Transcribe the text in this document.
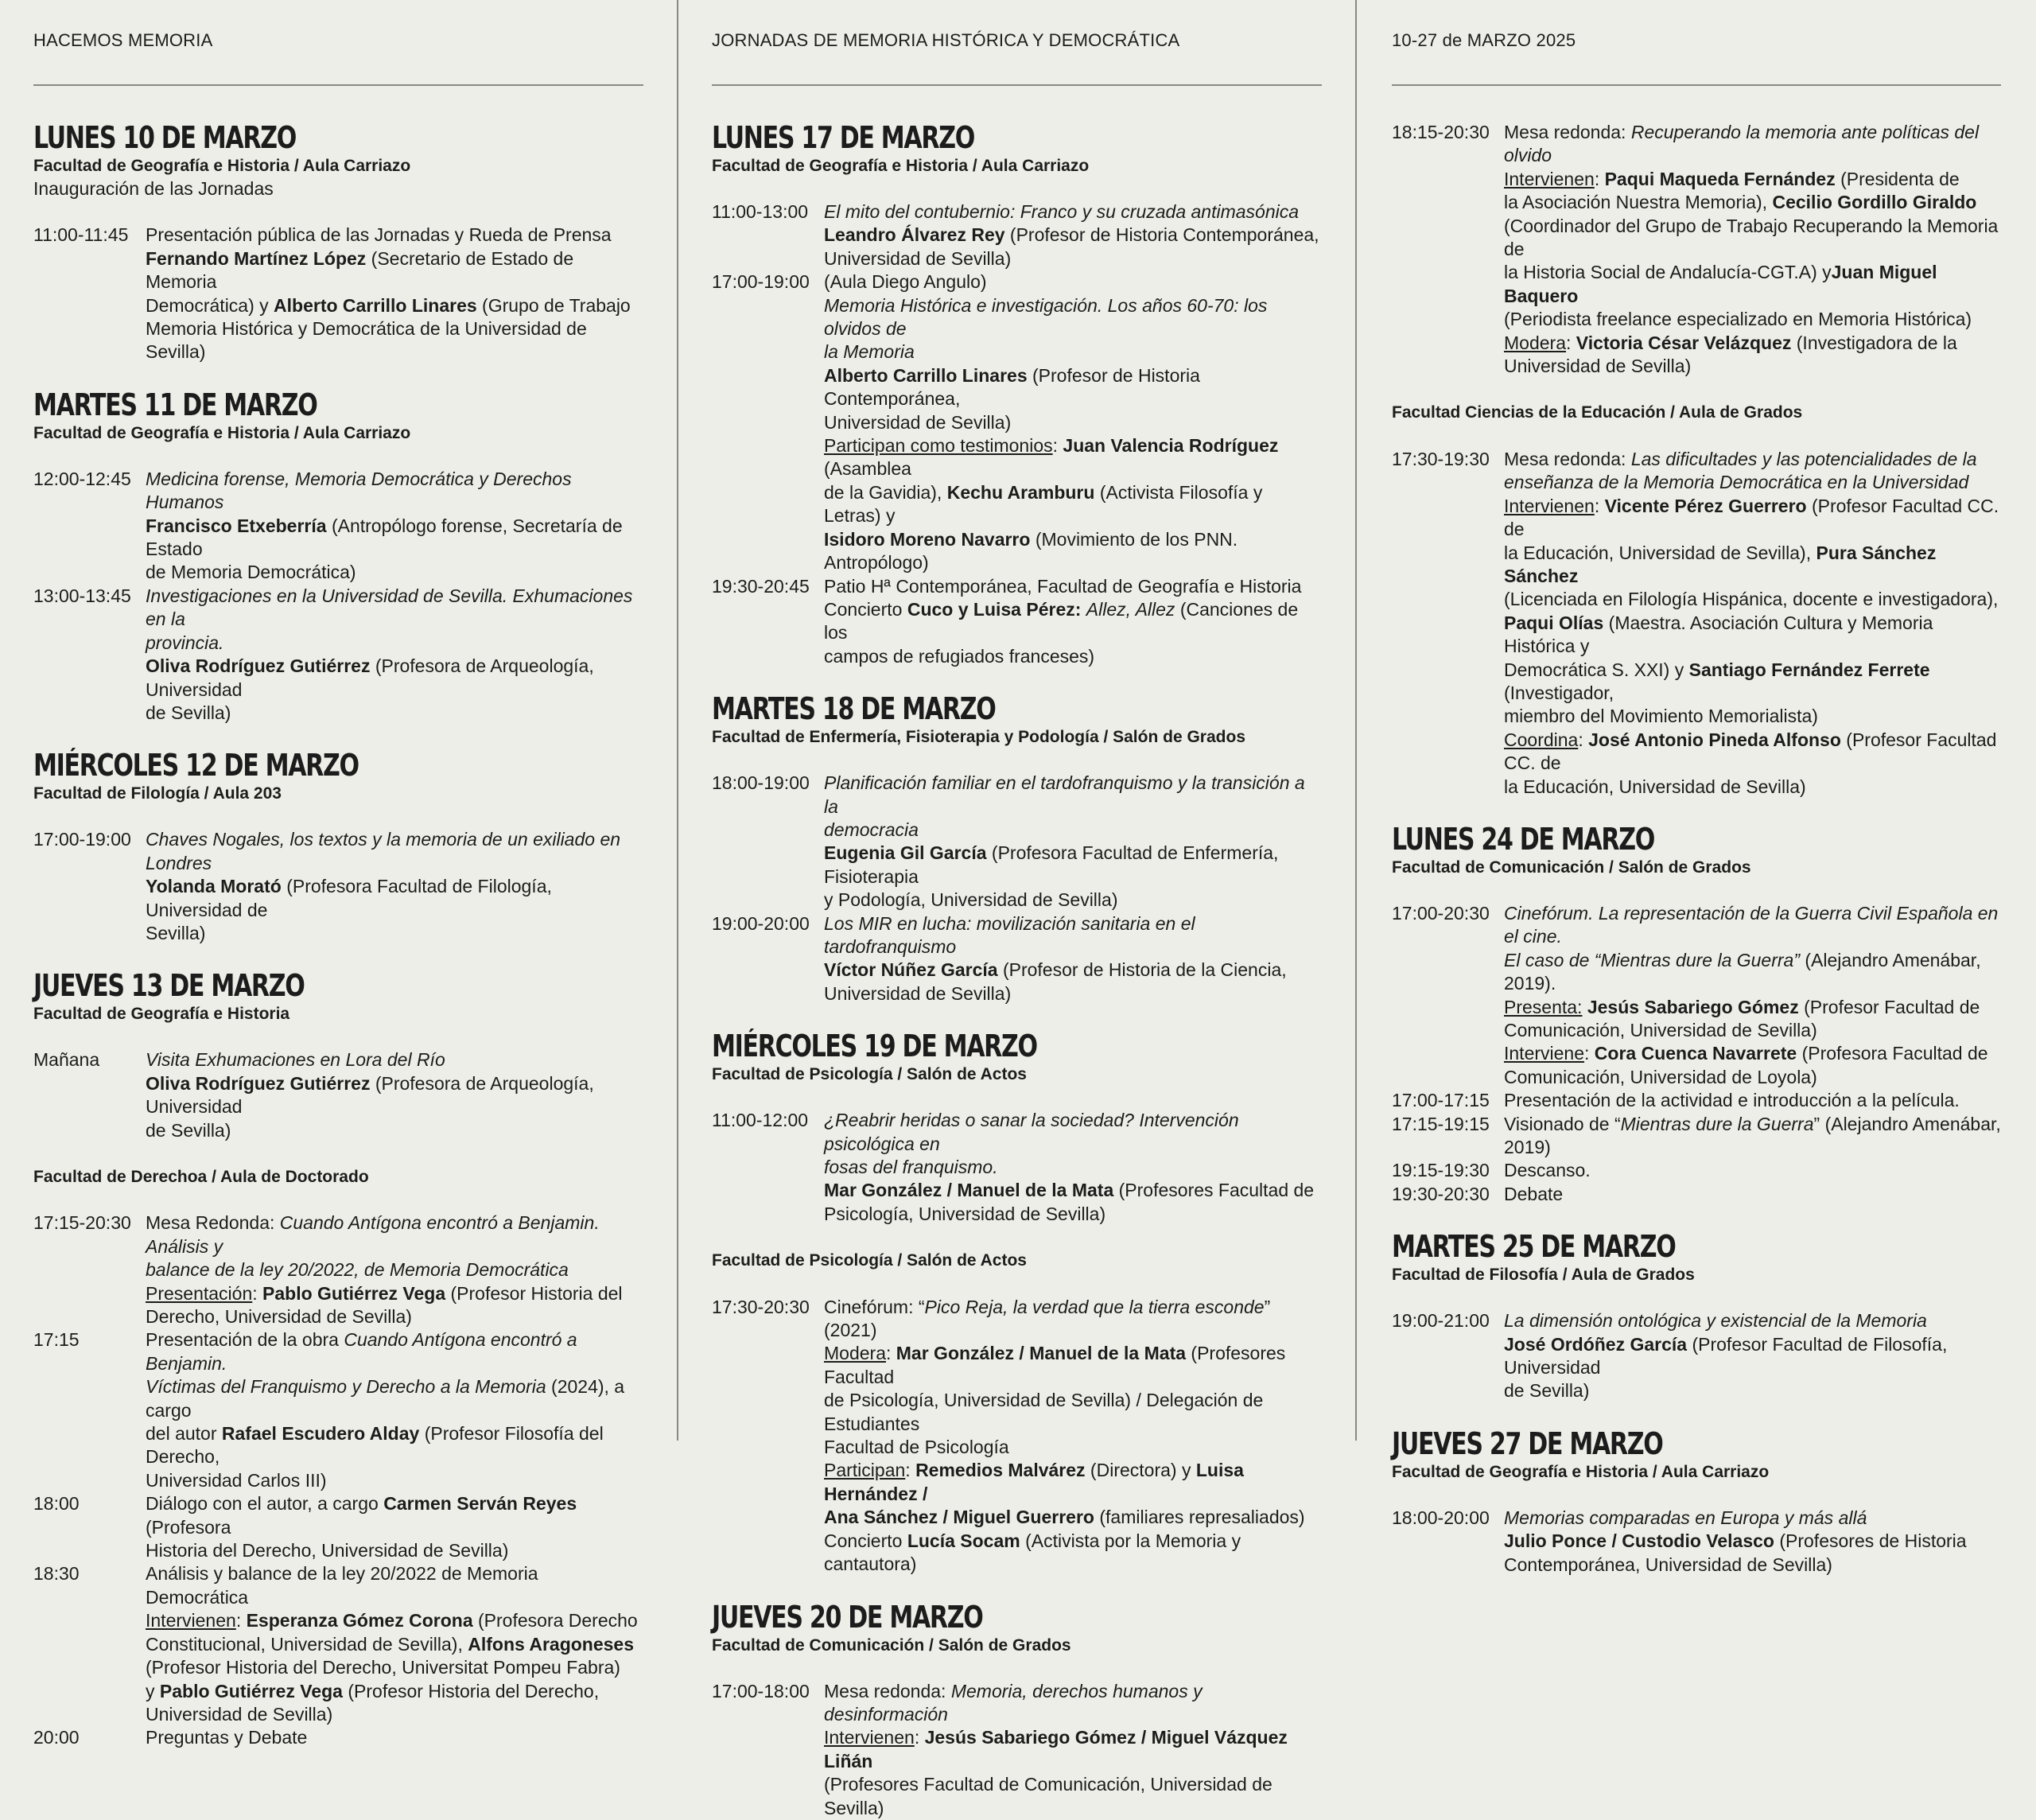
HACEMOS MEMORIA
LUNES 10 DE MARZO
Facultad de Geografía e Historia / Aula Carriazo
Inauguración de las Jornadas
11:00-11:45 Presentación pública de las Jornadas y Rueda de Prensa
Fernando Martínez López (Secretario de Estado de Memoria
Democrática) y Alberto Carrillo Linares (Grupo de Trabajo
Memoria Histórica y Democrática de la Universidad de Sevilla)
MARTES 11 DE MARZO
Facultad de Geografía e Historia / Aula Carriazo
12:00-12:45 Medicina forense, Memoria Democrática y Derechos Humanos
Francisco Etxeberría (Antropólogo forense, Secretaría de Estado
de Memoria Democrática)
13:00-13:45 Investigaciones en la Universidad de Sevilla. Exhumaciones en la
provincia.
Oliva Rodríguez Gutiérrez (Profesora de Arqueología, Universidad
de Sevilla)
MIÉRCOLES 12 DE MARZO
Facultad de Filología / Aula 203
17:00-19:00 Chaves Nogales, los textos y la memoria de un exiliado en Londres
Yolanda Morató (Profesora Facultad de Filología, Universidad de
Sevilla)
JUEVES 13 DE MARZO
Facultad de Geografía e Historia
Mañana	Visita Exhumaciones en Lora del Río
Oliva Rodríguez Gutiérrez (Profesora de Arqueología, Universidad
de Sevilla)
Facultad de Derechoa / Aula de Doctorado
17:15-20:30 Mesa Redonda: Cuando Antígona encontró a Benjamin. Análisis y
balance de la ley 20/2022, de Memoria Democrática
Presentación: Pablo Gutiérrez Vega (Profesor Historia del
Derecho, Universidad de Sevilla)
17:15	Presentación de la obra Cuando Antígona encontró a Benjamin.
Víctimas del Franquismo y Derecho a la Memoria (2024), a cargo
del autor Rafael Escudero Alday (Profesor Filosofía del Derecho,
Universidad Carlos III)
18:00	Diálogo con el autor, a cargo Carmen Serván Reyes (Profesora
Historia del Derecho, Universidad de Sevilla)
18:30	Análisis y balance de la ley 20/2022 de Memoria Democrática
Intervienen: Esperanza Gómez Corona (Profesora Derecho
Constitucional, Universidad de Sevilla), Alfons Aragoneses
(Profesor Historia del Derecho, Universitat Pompeu Fabra)
y Pablo Gutiérrez Vega (Profesor Historia del Derecho,
Universidad de Sevilla)
20:00	Preguntas y Debate
JORNADAS DE MEMORIA HISTÓRICA Y DEMOCRÁTICA
LUNES 17 DE MARZO
Facultad de Geografía e Historia / Aula Carriazo
11:00-13:00 El mito del contubernio: Franco y su cruzada antimasónica
Leandro Álvarez Rey (Profesor de Historia Contemporánea,
Universidad de Sevilla)
17:00-19:00 (Aula Diego Angulo)
Memoria Histórica e investigación. Los años 60-70: los olvidos de
la Memoria
Alberto Carrillo Linares (Profesor de Historia Contemporánea,
Universidad de Sevilla)
Participan como testimonios: Juan Valencia Rodríguez (Asamblea
de la Gavidia), Kechu Aramburu (Activista Filosofía y Letras) y
Isidoro Moreno Navarro (Movimiento de los PNN. Antropólogo)
19:30-20:45 Patio Hª Contemporánea, Facultad de Geografía e Historia
Concierto Cuco y Luisa Pérez: Allez, Allez (Canciones de los
campos de refugiados franceses)
MARTES 18 DE MARZO
Facultad de Enfermería, Fisioterapia y Podología / Salón de Grados
18:00-19:00 Planificación familiar en el tardofranquismo y la transición a la
democracia
Eugenia Gil García (Profesora Facultad de Enfermería, Fisioterapia
y Podología, Universidad de Sevilla)
19:00-20:00 Los MIR en lucha: movilización sanitaria en el tardofranquismo
Víctor Núñez García (Profesor de Historia de la Ciencia,
Universidad de Sevilla)
MIÉRCOLES 19 DE MARZO
Facultad de Psicología / Salón de Actos
11:00-12:00 ¿Reabrir heridas o sanar la sociedad? Intervención psicológica en
fosas del franquismo.
Mar González / Manuel de la Mata (Profesores Facultad de
Psicología, Universidad de Sevilla)
Facultad de Psicología / Salón de Actos
17:30-20:30 Cinefórum: “Pico Reja, la verdad que la tierra esconde” (2021)
Modera: Mar González / Manuel de la Mata (Profesores Facultad
de Psicología, Universidad de Sevilla) / Delegación de Estudiantes
Facultad de Psicología
Participan: Remedios Malvárez (Directora) y Luisa Hernández /
Ana Sánchez / Miguel Guerrero (familiares represaliados)
Concierto Lucía Socam (Activista por la Memoria y cantautora)
JUEVES 20 DE MARZO
Facultad de Comunicación / Salón de Grados
17:00-18:00 Mesa redonda: Memoria, derechos humanos y desinformación
Intervienen: Jesús Sabariego Gómez / Miguel Vázquez Liñán
(Profesores Facultad de Comunicación, Universidad de Sevilla)
10-27 de MARZO 2025
18:15-20:30 Mesa redonda: Recuperando la memoria ante políticas del olvido
Intervienen: Paqui Maqueda Fernández (Presidenta de
la Asociación Nuestra Memoria), Cecilio Gordillo Giraldo
(Coordinador del Grupo de Trabajo Recuperando la Memoria de
la Historia Social de Andalucía-CGT.A) yJuan Miguel Baquero
(Periodista freelance especializado en Memoria Histórica)
Modera: Victoria César Velázquez (Investigadora de la
Universidad de Sevilla)
Facultad Ciencias de la Educación / Aula de Grados
17:30-19:30 Mesa redonda: Las dificultades y las potencialidades de la
enseñanza de la Memoria Democrática en la Universidad
Intervienen: Vicente Pérez Guerrero (Profesor Facultad CC. de
la Educación, Universidad de Sevilla), Pura Sánchez Sánchez
(Licenciada en Filología Hispánica, docente e investigadora),
Paqui Olías (Maestra. Asociación Cultura y Memoria Histórica y
Democrática S. XXI) y Santiago Fernández Ferrete (Investigador,
miembro del Movimiento Memorialista)
Coordina: José Antonio Pineda Alfonso (Profesor Facultad CC. de
la Educación, Universidad de Sevilla)
LUNES 24 DE MARZO
Facultad de Comunicación / Salón de Grados
17:00-20:30 Cinefórum. La representación de la Guerra Civil Española en el cine.
El caso de “Mientras dure la Guerra” (Alejandro Amenábar, 2019).
Presenta: Jesús Sabariego Gómez (Profesor Facultad de
Comunicación, Universidad de Sevilla)
Interviene: Cora Cuenca Navarrete (Profesora Facultad de
Comunicación, Universidad de Loyola)
17:00-17:15 Presentación de la actividad e introducción a la película.
17:15-19:15 Visionado de “Mientras dure la Guerra” (Alejandro Amenábar, 2019)
19:15-19:30 Descanso.
19:30-20:30 Debate
MARTES 25 DE MARZO
Facultad de Filosofía / Aula de Grados
19:00-21:00 La dimensión ontológica y existencial de la Memoria
José Ordóñez García (Profesor Facultad de Filosofía, Universidad
de Sevilla)
JUEVES 27 DE MARZO
Facultad de Geografía e Historia / Aula Carriazo
18:00-20:00 Memorias comparadas en Europa y más allá
Julio Ponce / Custodio Velasco (Profesores de Historia
Contemporánea, Universidad de Sevilla)
